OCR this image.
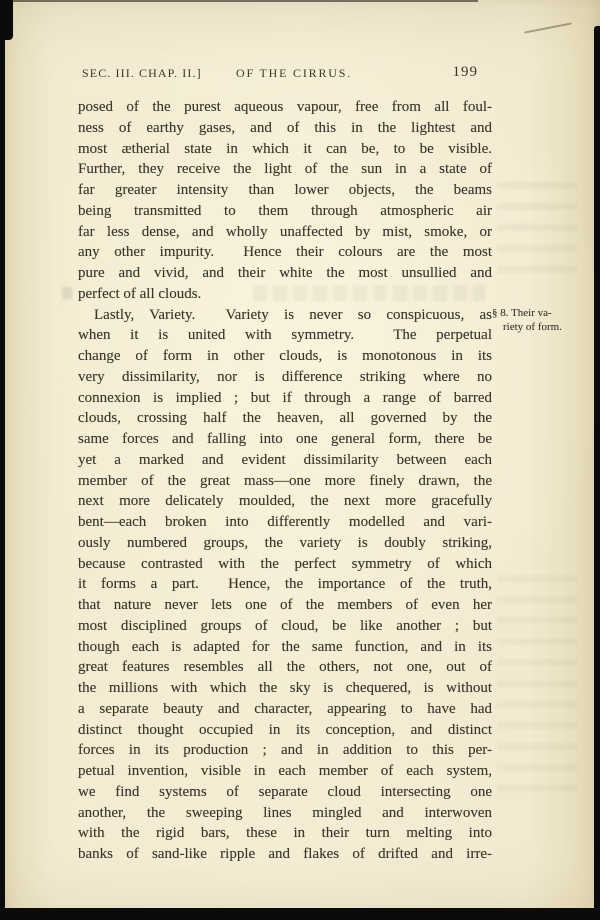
SEC. III. CHAP. II.]	OF THE CIRRUS.	199
posed of the purest aqueous vapour, free from all foul-
ness of earthy gases, and of this in the lightest and
most ætherial state in which it can be, to be visible.
Further, they receive the light of the sun in a state of
far greater intensity than lower objects, the beams
being transmitted to them through atmospheric air
far less dense, and wholly unaffected by mist, smoke, or
any other impurity.  Hence their colours are the most
pure and vivid, and their white the most unsullied and
perfect of all clouds.
Lastly, Variety.  Variety is never so conspicuous, as
when it is united with symmetry.  The perpetual
change of form in other clouds, is monotonous in its
very dissimilarity, nor is difference striking where no
connexion is implied ; but if through a range of barred
clouds, crossing half the heaven, all governed by the
same forces and falling into one general form, there be
yet a marked and evident dissimilarity between each
member of the great mass—one more finely drawn, the
next more delicately moulded, the next more gracefully
bent—each broken into differently modelled and vari-
ously numbered groups, the variety is doubly striking,
because contrasted with the perfect symmetry of which
it forms a part.  Hence, the importance of the truth,
that nature never lets one of the members of even her
most disciplined groups of cloud, be like another ; but
though each is adapted for the same function, and in its
great features resembles all the others, not one, out of
the millions with which the sky is chequered, is without
a separate beauty and character, appearing to have had
distinct thought occupied in its conception, and distinct
forces in its production ; and in addition to this per-
petual invention, visible in each member of each system,
we find systems of separate cloud intersecting one
another, the sweeping lines mingled and interwoven
with the rigid bars, these in their turn melting into
banks of sand-like ripple and flakes of drifted and irre-
§ 8. Their va-
riety of form.
